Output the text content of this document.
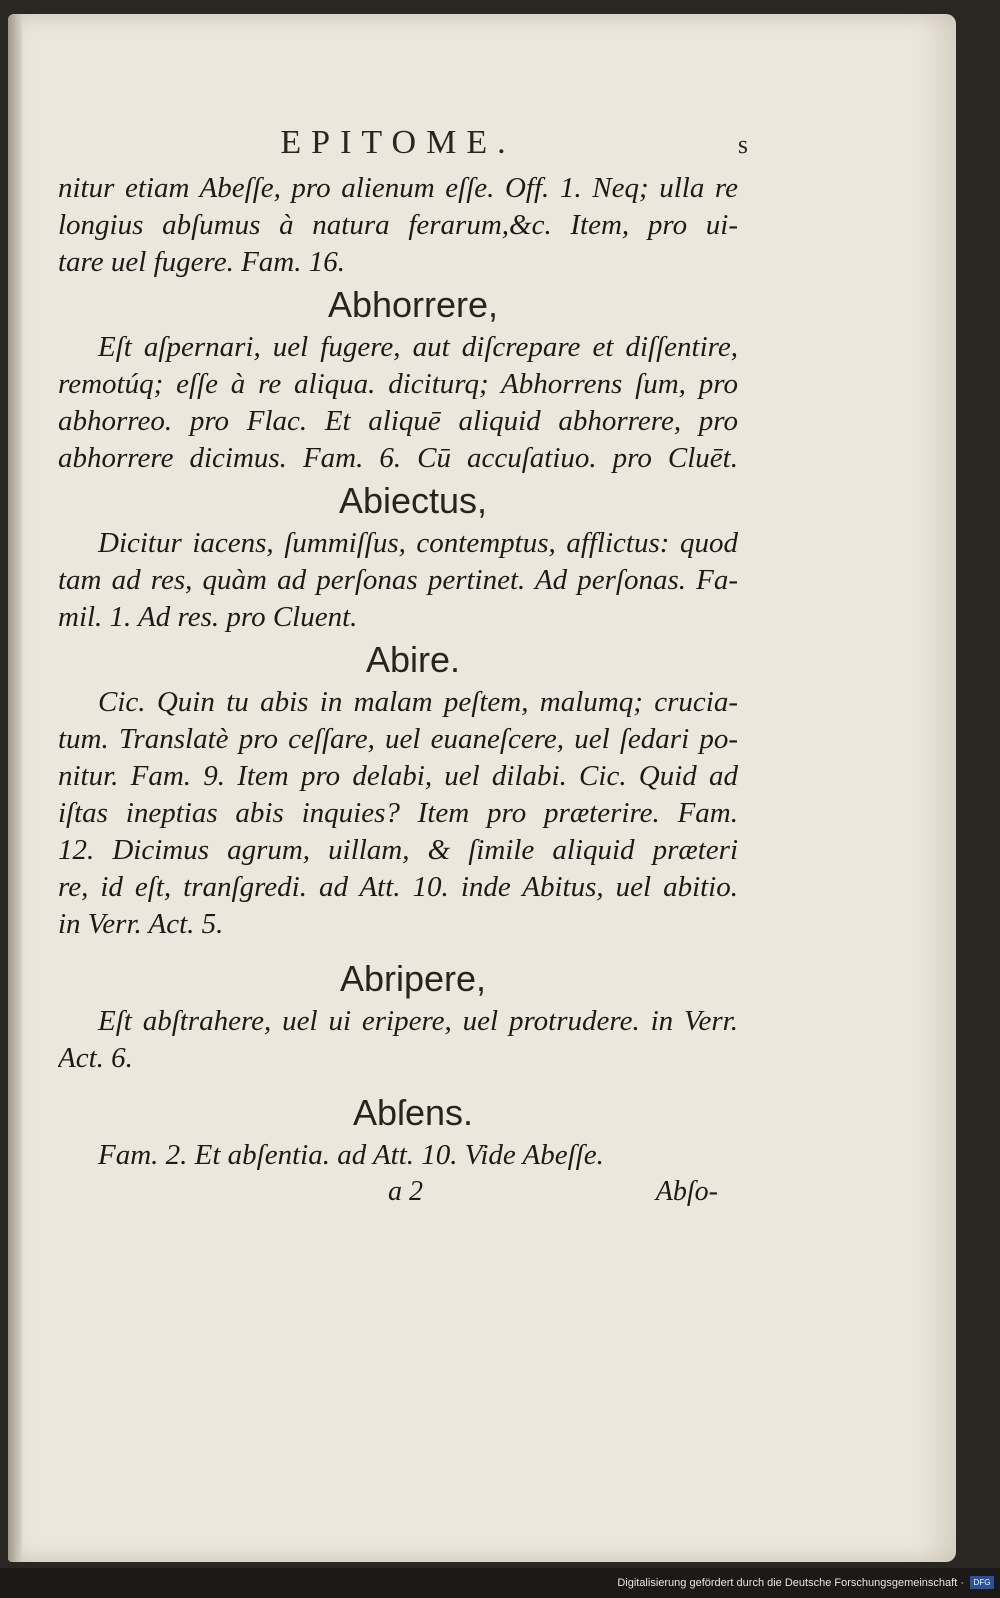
EPITOME.	s
nitur etiam Abeſſe, pro alienum eſſe. Off. 1. Neq; ulla re
longius abſumus à natura ferarum,&c. Item, pro ui-
tare uel fugere. Fam. 16.
Abhorrere,
Eſt aſpernari, uel fugere, aut diſcrepare et diſſentire,
remotúq; eſſe à re aliqua. diciturq; Abhorrens ſum, pro
abhorreo. pro Flac. Et aliquē aliquid abhorrere, pro
abhorrere dicimus. Fam. 6. Cū accuſatiuo. pro Cluēt.
Abiectus,
Dicitur iacens, ſummiſſus, contemptus, afflictus: quod
tam ad res, quàm ad perſonas pertinet. Ad perſonas. Fa-
mil. 1. Ad res. pro Cluent.
Abire.
Cic. Quin tu abis in malam peſtem, malumq; crucia-
tum. Translatè pro ceſſare, uel euaneſcere, uel ſedari po-
nitur. Fam. 9. Item pro delabi, uel dilabi. Cic. Quid ad
iſtas ineptias abis inquies? Item pro præterire. Fam.
12. Dicimus agrum, uillam, & ſimile aliquid præteri
re, id eſt, tranſgredi. ad Att. 10. inde Abitus, uel abitio.
in Verr. Act. 5.
Abripere,
Eſt abſtrahere, uel ui eripere, uel protrudere. in Verr.
Act. 6.
Abſens.
Fam. 2. Et abſentia. ad Att. 10. Vide Abeſſe.
a 2	Abſo-
Digitalisierung gefördert durch die Deutsche Forschungsgemeinschaft ·	DFG
